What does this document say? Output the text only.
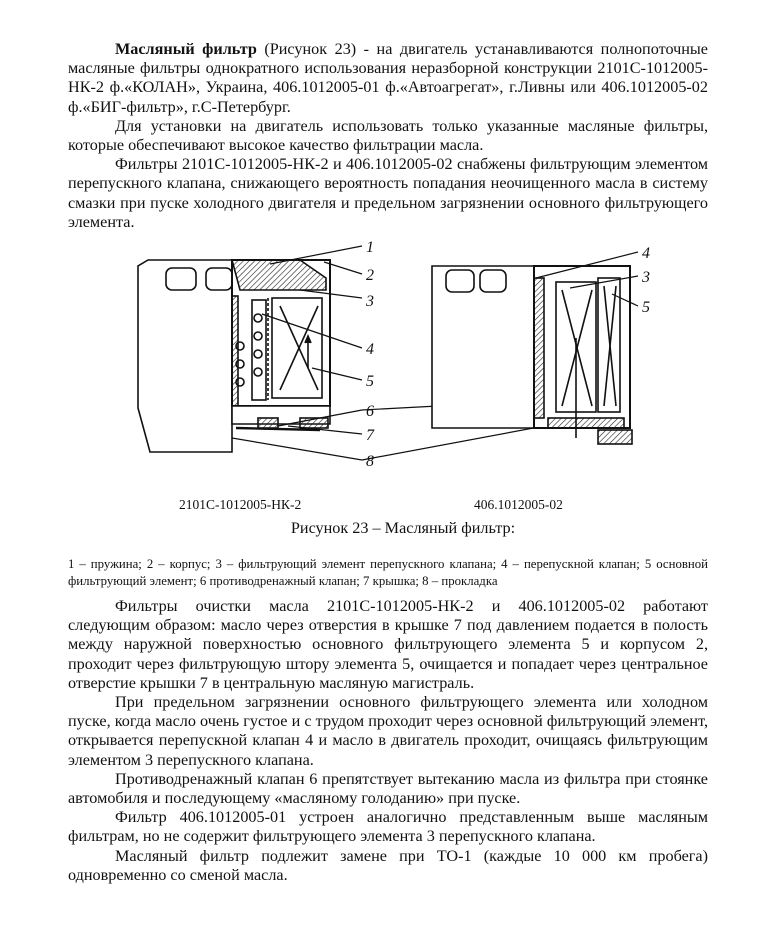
Масляный фильтр (Рисунок 23) - на двигатель устанавливаются полнопоточные масляные фильтры однократного использования неразборной конструкции 2101С-1012005-НК-2 ф.«КОЛАН», Украина, 406.1012005-01 ф.«Автоагрегат», г.Ливны или 406.1012005-02 ф.«БИГ-фильтр», г.С-Петербург.

Для установки на двигатель использовать только указанные масляные фильтры, которые обеспечивают высокое качество фильтрации масла.

Фильтры 2101С-1012005-НК-2 и 406.1012005-02 снабжены фильтрующим элементом перепускного клапана, снижающего вероятность попадания неочищенного масла в систему смазки при пуске холодного двигателя и предельном загрязнении основного фильтрующего элемента.

1
2
3
4
5
6
7
8
4
3
5
2101С-1012005-НК-2	406.1012005-02
Рисунок 23 – Масляный фильтр:

1 – пружина; 2 – корпус; 3 – фильтрующий элемент перепускного клапана; 4 – перепускной клапан; 5 основной фильтрующий элемент; 6 противодренажный клапан; 7 крышка; 8 – прокладка

Фильтры очистки масла 2101С-1012005-НК-2 и 406.1012005-02 работают следующим образом: масло через отверстия в крышке 7 под давлением подается в полость между наружной поверхностью основного фильтрующего элемента 5 и корпусом 2, проходит через фильтрующую штору элемента 5, очищается и попадает через центральное отверстие крышки 7 в центральную масляную магистраль.

При предельном загрязнении основного фильтрующего элемента или холодном пуске, когда масло очень густое и с трудом проходит через основной фильтрующий элемент, открывается перепускной клапан 4 и масло в двигатель проходит, очищаясь фильтрующим элементом 3 перепускного клапана.

Противодренажный клапан 6 препятствует вытеканию масла из фильтра при стоянке автомобиля и последующему «масляному голоданию» при пуске.

Фильтр 406.1012005-01 устроен аналогично представленным выше масляным фильтрам, но не содержит фильтрующего элемента 3 перепускного клапана.

Масляный фильтр подлежит замене при ТО-1 (каждые 10 000 км пробега) одновременно со сменой масла.
